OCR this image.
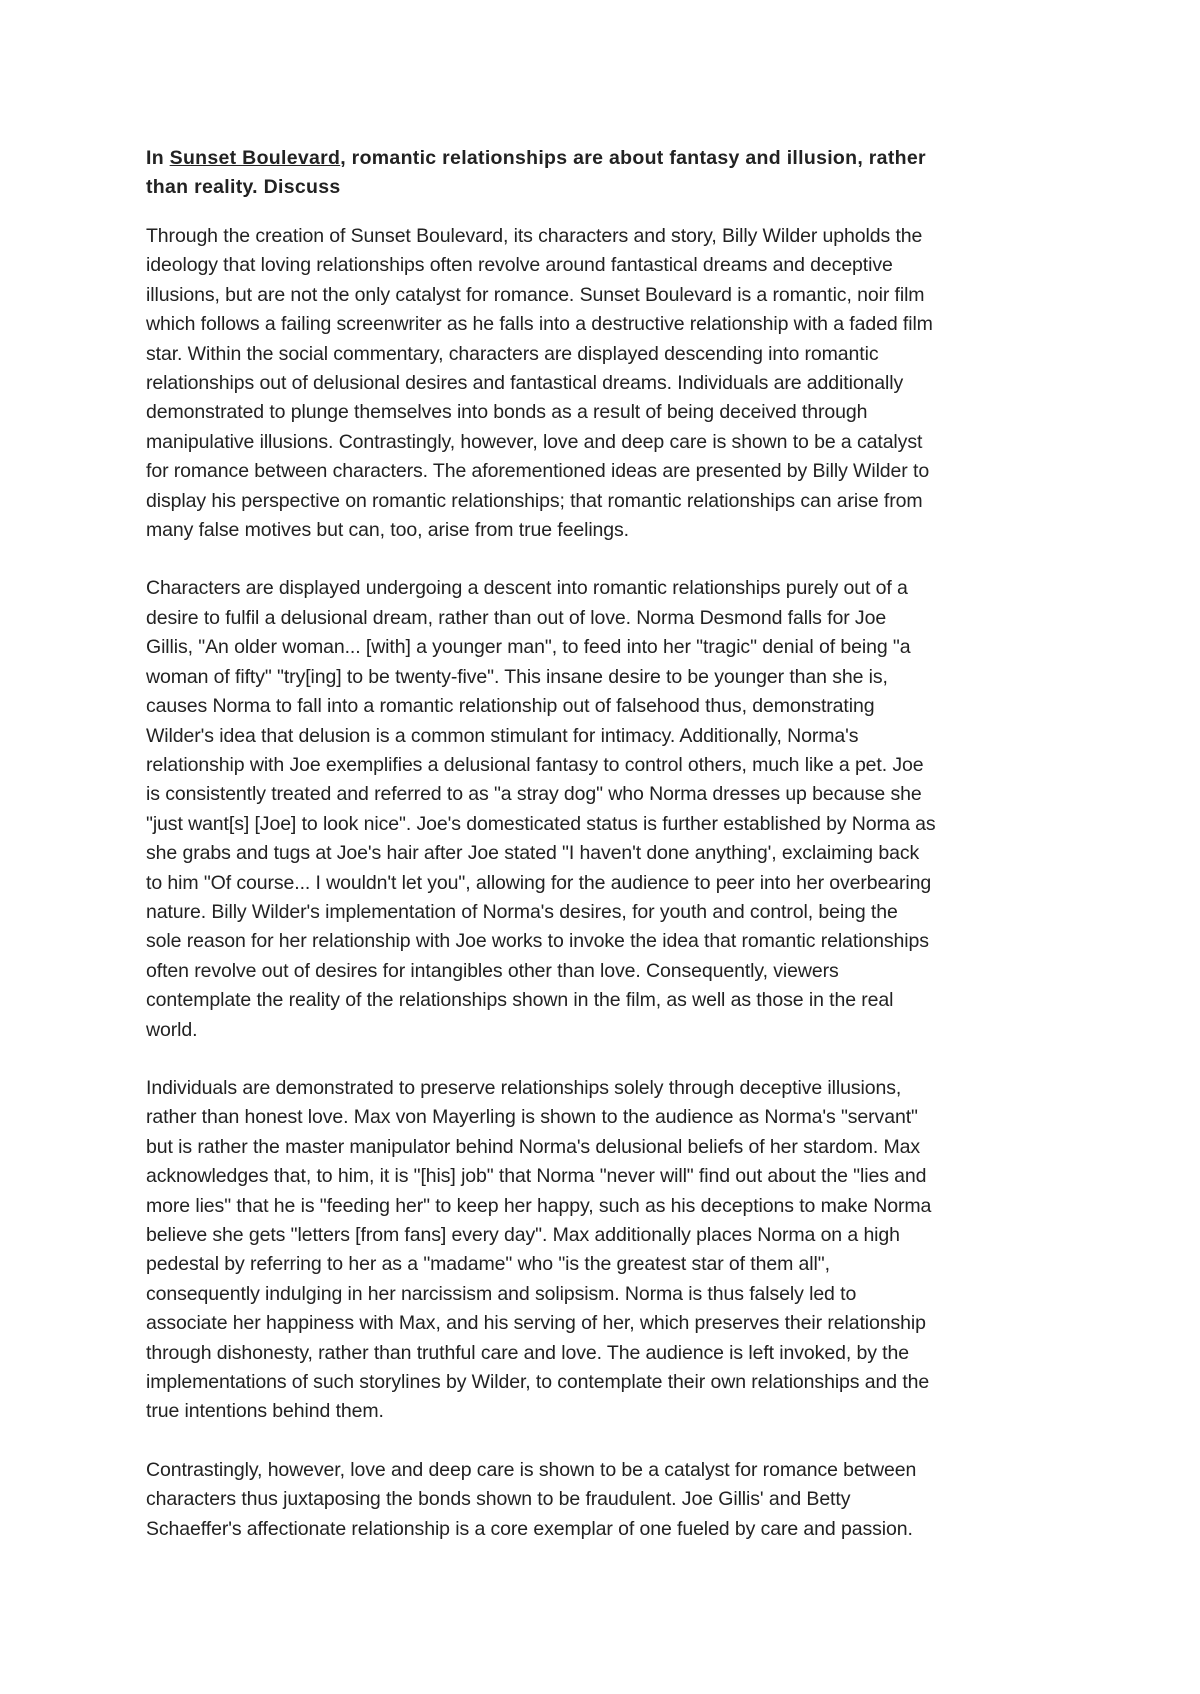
In Sunset Boulevard, romantic relationships are about fantasy and illusion, rather
than reality. Discuss
Through the creation of Sunset Boulevard, its characters and story, Billy Wilder upholds the
ideology that loving relationships often revolve around fantastical dreams and deceptive
illusions, but are not the only catalyst for romance. Sunset Boulevard is a romantic, noir film
which follows a failing screenwriter as he falls into a destructive relationship with a faded film
star. Within the social commentary, characters are displayed descending into romantic
relationships out of delusional desires and fantastical dreams. Individuals are additionally
demonstrated to plunge themselves into bonds as a result of being deceived through
manipulative illusions. Contrastingly, however, love and deep care is shown to be a catalyst
for romance between characters. The aforementioned ideas are presented by Billy Wilder to
display his perspective on romantic relationships; that romantic relationships can arise from
many false motives but can, too, arise from true feelings.
Characters are displayed undergoing a descent into romantic relationships purely out of a
desire to fulfil a delusional dream, rather than out of love. Norma Desmond falls for Joe
Gillis, "An older woman... [with] a younger man", to feed into her "tragic" denial of being "a
woman of fifty" "try[ing] to be twenty-five". This insane desire to be younger than she is,
causes Norma to fall into a romantic relationship out of falsehood thus, demonstrating
Wilder's idea that delusion is a common stimulant for intimacy. Additionally, Norma's
relationship with Joe exemplifies a delusional fantasy to control others, much like a pet. Joe
is consistently treated and referred to as "a stray dog" who Norma dresses up because she
"just want[s] [Joe] to look nice". Joe's domesticated status is further established by Norma as
she grabs and tugs at Joe's hair after Joe stated "I haven't done anything', exclaiming back
to him "Of course... I wouldn't let you", allowing for the audience to peer into her overbearing
nature. Billy Wilder's implementation of Norma's desires, for youth and control, being the
sole reason for her relationship with Joe works to invoke the idea that romantic relationships
often revolve out of desires for intangibles other than love. Consequently, viewers
contemplate the reality of the relationships shown in the film, as well as those in the real
world.
Individuals are demonstrated to preserve relationships solely through deceptive illusions,
rather than honest love. Max von Mayerling is shown to the audience as Norma's "servant"
but is rather the master manipulator behind Norma's delusional beliefs of her stardom. Max
acknowledges that, to him, it is "[his] job" that Norma "never will" find out about the "lies and
more lies" that he is "feeding her" to keep her happy, such as his deceptions to make Norma
believe she gets "letters [from fans] every day". Max additionally places Norma on a high
pedestal by referring to her as a "madame" who "is the greatest star of them all",
consequently indulging in her narcissism and solipsism. Norma is thus falsely led to
associate her happiness with Max, and his serving of her, which preserves their relationship
through dishonesty, rather than truthful care and love. The audience is left invoked, by the
implementations of such storylines by Wilder, to contemplate their own relationships and the
true intentions behind them.
Contrastingly, however, love and deep care is shown to be a catalyst for romance between
characters thus juxtaposing the bonds shown to be fraudulent. Joe Gillis' and Betty
Schaeffer's affectionate relationship is a core exemplar of one fueled by care and passion.
